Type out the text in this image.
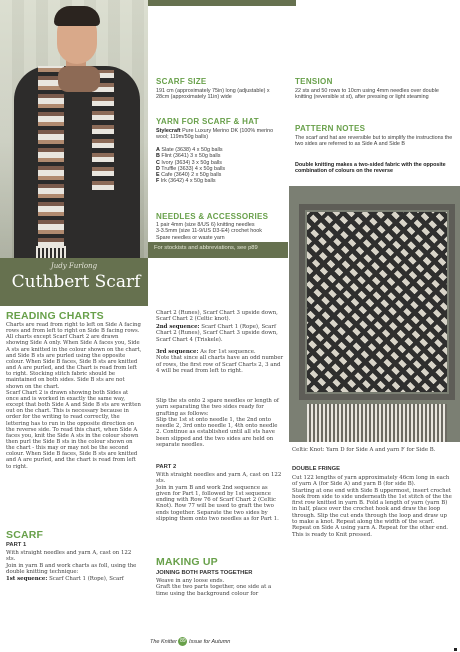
Judy Furlong
Cuthbert Scarf
SCARF SIZE
191 cm (approximately 75in) long (adjustable) x 28cm (approximately 11in) wide
YARN FOR SCARF & HAT
Stylecraft Pure Luxury Merino DK (100% merino wool; 119m/50g balls)
A Slate (3638) 4 x 50g balls
B Flint (3641) 3 x 50g balls
C Ivory (3634) 3 x 50g balls
D Truffle (3633) 4 x 50g balls
E Cafe (3640) 2 x 50g balls
F Irk (3642) 4 x 50g balls
NEEDLES & ACCESSORIES
1 pair 4mm (size 8/US 6) knitting needles
3-3.5mm (size 11-9/US D3-E4) crochet hook
Spare needles or waste yarn
For stockists and abbreviations, see p89
TENSION
22 sts and 50 rows to 10cm using 4mm needles over double knitting (reversible st st), after pressing or light steaming
PATTERN NOTES
The scarf and hat are reversible but to simplify the instructions the two sides are referred to as Side A and Side B
Double knitting makes a two-sided fabric with the opposite combination of colours on the reverse
READING CHARTS
Charts are read from right to left on Side A facing rows and from left to right on Side B facing rows.
All charts except Scarf Chart 2 are drawn showing Side A only. When Side A faces you, Side A sts are knitted in the colour shown on the chart, and Side B sts are purled using the opposite colour. When Side B faces, Side B sts are knitted and A are purled, and the Chart is read from left to right. Stocking stitch fabric should be maintained on both sides. Side B sts are not shown on the chart.
Scarf Chart 2 is drawn showing both Sides at once and is worked in exactly the same way, except that both Side A and Side B sts are written out on the chart. This is necessary because in order for the writing to read correctly, the lettering has to run in the opposite direction on the reverse side. To read this chart, when Side A faces you, knit the Side A sts in the colour shown then purl the Side B sts in the colour shown on the chart - this may or may not be the second colour. When Side B faces, Side B sts are knitted and A are purled, and the chart is read from left to right.
SCARF
PART 1
With straight needles and yarn A, cast on 122 sts.
Join in yarn B and work charts as foll, using the double knitting technique:
1st sequence: Scarf Chart 1 (Rope), Scarf
Chart 2 (Runes), Scarf Chart 3 upside down, Scarf Chart 2 (Celtic knot).
2nd sequence: Scarf Chart 1 (Rope), Scarf Chart 2 (Runes), Scarf Chart 3 upside down, Scarf Chart 4 (Triskele).
3rd sequence: As for 1st sequence.
Note that since all charts have an odd number of rows, the first row of Scarf Charts 2, 3 and 4 will be read from left to right.
Slip the sts onto 2 spare needles or length of yarn separating the two sides ready for grafting as follows:
Slip the 1st st onto needle 1, the 2nd onto needle 2, 3rd onto needle 1, 4th onto needle 2. Continue as established until all sts have been slipped and the two sides are held on separate needles.
PART 2
With straight needles and yarn A, cast on 122 sts.
Join in yarn B and work 2nd sequence as given for Part 1, followed by 1st sequence ending with Row 76 of Scarf Chart 2 (Celtic Knot). Row 77 will be used to graft the two ends together. Separate the two sides by slipping them onto two needles as for Part 1.
MAKING UP
JOINING BOTH PARTS TOGETHER
Weave in any loose ends.
Graft the two parts together, one side at a time using the background colour for
Celtic Knot: Yarn D for Side A and yarn F for Side B.
DOUBLE FRINGE
Cut 122 lengths of yarn approximately 46cm long in each of yarn A (for Side A) and yarn B (for side B).
Starting at one end with Side B uppermost, insert crochet hook from side to side underneath the 1st stitch of the the first row knitted in yarn B. Fold a length of yarn (yarn B) in half, place over the crochet hook and draw the loop through. Slip the cut ends through the loop and draw up to make a knot. Repeat along the width of the scarf.
Repeat on Side A using yarn A. Repeat for the other end.
This is ready to Knit pressed.
The Knitter 89 Issue for Autumn
